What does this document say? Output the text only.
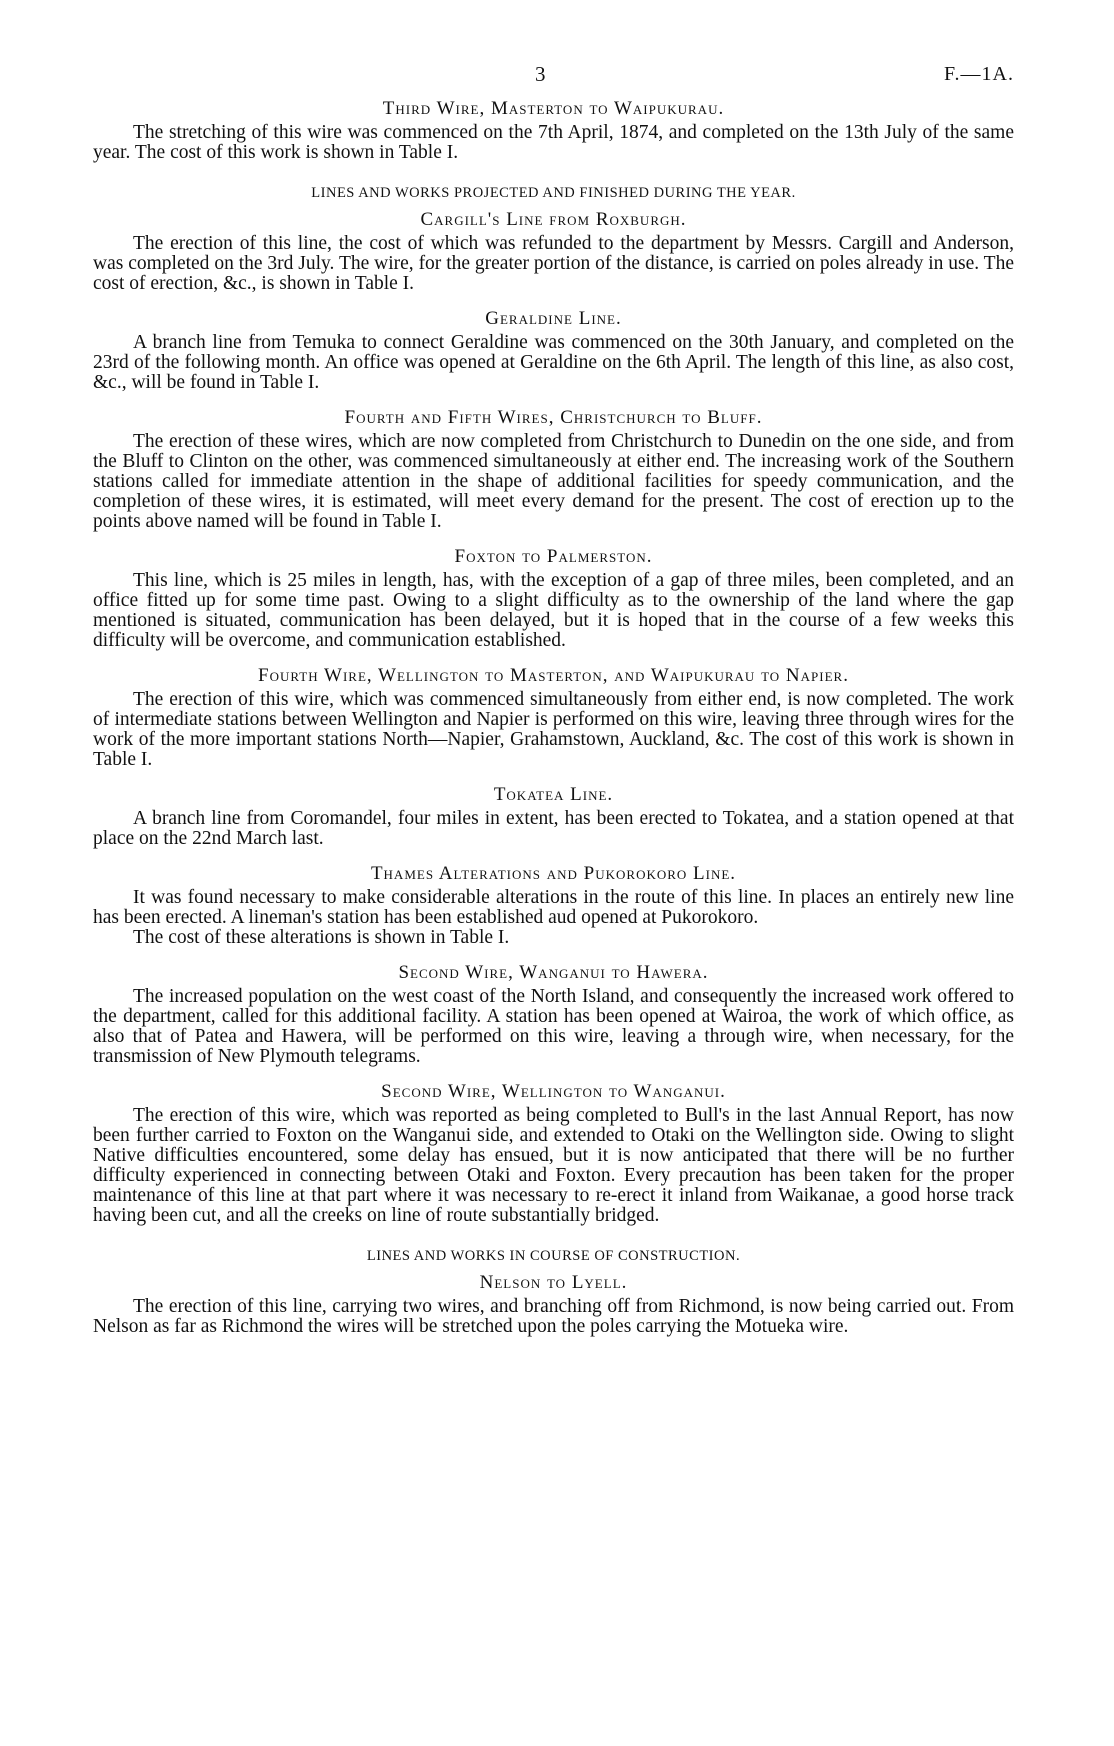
3	F.—1A.
Third Wire, Masterton to Waipukurau.

The stretching of this wire was commenced on the 7th April, 1874, and completed on the 13th July of the same year. The cost of this work is shown in Table I.

LINES AND WORKS PROJECTED AND FINISHED DURING THE YEAR.
Cargill's Line from Roxburgh.

The erection of this line, the cost of which was refunded to the department by Messrs. Cargill and Anderson, was completed on the 3rd July. The wire, for the greater portion of the distance, is carried on poles already in use. The cost of erection, &c., is shown in Table I.

Geraldine Line.

A branch line from Temuka to connect Geraldine was commenced on the 30th January, and completed on the 23rd of the following month. An office was opened at Geraldine on the 6th April. The length of this line, as also cost, &c., will be found in Table I.

Fourth and Fifth Wires, Christchurch to Bluff.

The erection of these wires, which are now completed from Christchurch to Dunedin on the one side, and from the Bluff to Clinton on the other, was commenced simultaneously at either end. The increasing work of the Southern stations called for immediate attention in the shape of additional facilities for speedy communication, and the completion of these wires, it is estimated, will meet every demand for the present. The cost of erection up to the points above named will be found in Table I.

Foxton to Palmerston.

This line, which is 25 miles in length, has, with the exception of a gap of three miles, been completed, and an office fitted up for some time past. Owing to a slight difficulty as to the ownership of the land where the gap mentioned is situated, communication has been delayed, but it is hoped that in the course of a few weeks this difficulty will be overcome, and communication established.

Fourth Wire, Wellington to Masterton, and Waipukurau to Napier.

The erection of this wire, which was commenced simultaneously from either end, is now completed. The work of intermediate stations between Wellington and Napier is performed on this wire, leaving three through wires for the work of the more important stations North—Napier, Grahamstown, Auckland, &c. The cost of this work is shown in Table I.

Tokatea Line.

A branch line from Coromandel, four miles in extent, has been erected to Tokatea, and a station opened at that place on the 22nd March last.

Thames Alterations and Pukorokoro Line.

It was found necessary to make considerable alterations in the route of this line. In places an entirely new line has been erected. A lineman's station has been established aud opened at Pukorokoro.

The cost of these alterations is shown in Table I.

Second Wire, Wanganui to Hawera.

The increased population on the west coast of the North Island, and consequently the increased work offered to the department, called for this additional facility. A station has been opened at Wairoa, the work of which office, as also that of Patea and Hawera, will be performed on this wire, leaving a through wire, when necessary, for the transmission of New Plymouth telegrams.

Second Wire, Wellington to Wanganui.

The erection of this wire, which was reported as being completed to Bull's in the last Annual Report, has now been further carried to Foxton on the Wanganui side, and extended to Otaki on the Wellington side. Owing to slight Native difficulties encountered, some delay has ensued, but it is now anticipated that there will be no further difficulty experienced in connecting between Otaki and Foxton. Every precaution has been taken for the proper maintenance of this line at that part where it was necessary to re-erect it inland from Waikanae, a good horse track having been cut, and all the creeks on line of route substantially bridged.

LINES AND WORKS IN COURSE OF CONSTRUCTION.
Nelson to Lyell.

The erection of this line, carrying two wires, and branching off from Richmond, is now being carried out. From Nelson as far as Richmond the wires will be stretched upon the poles carrying the Motueka wire.
